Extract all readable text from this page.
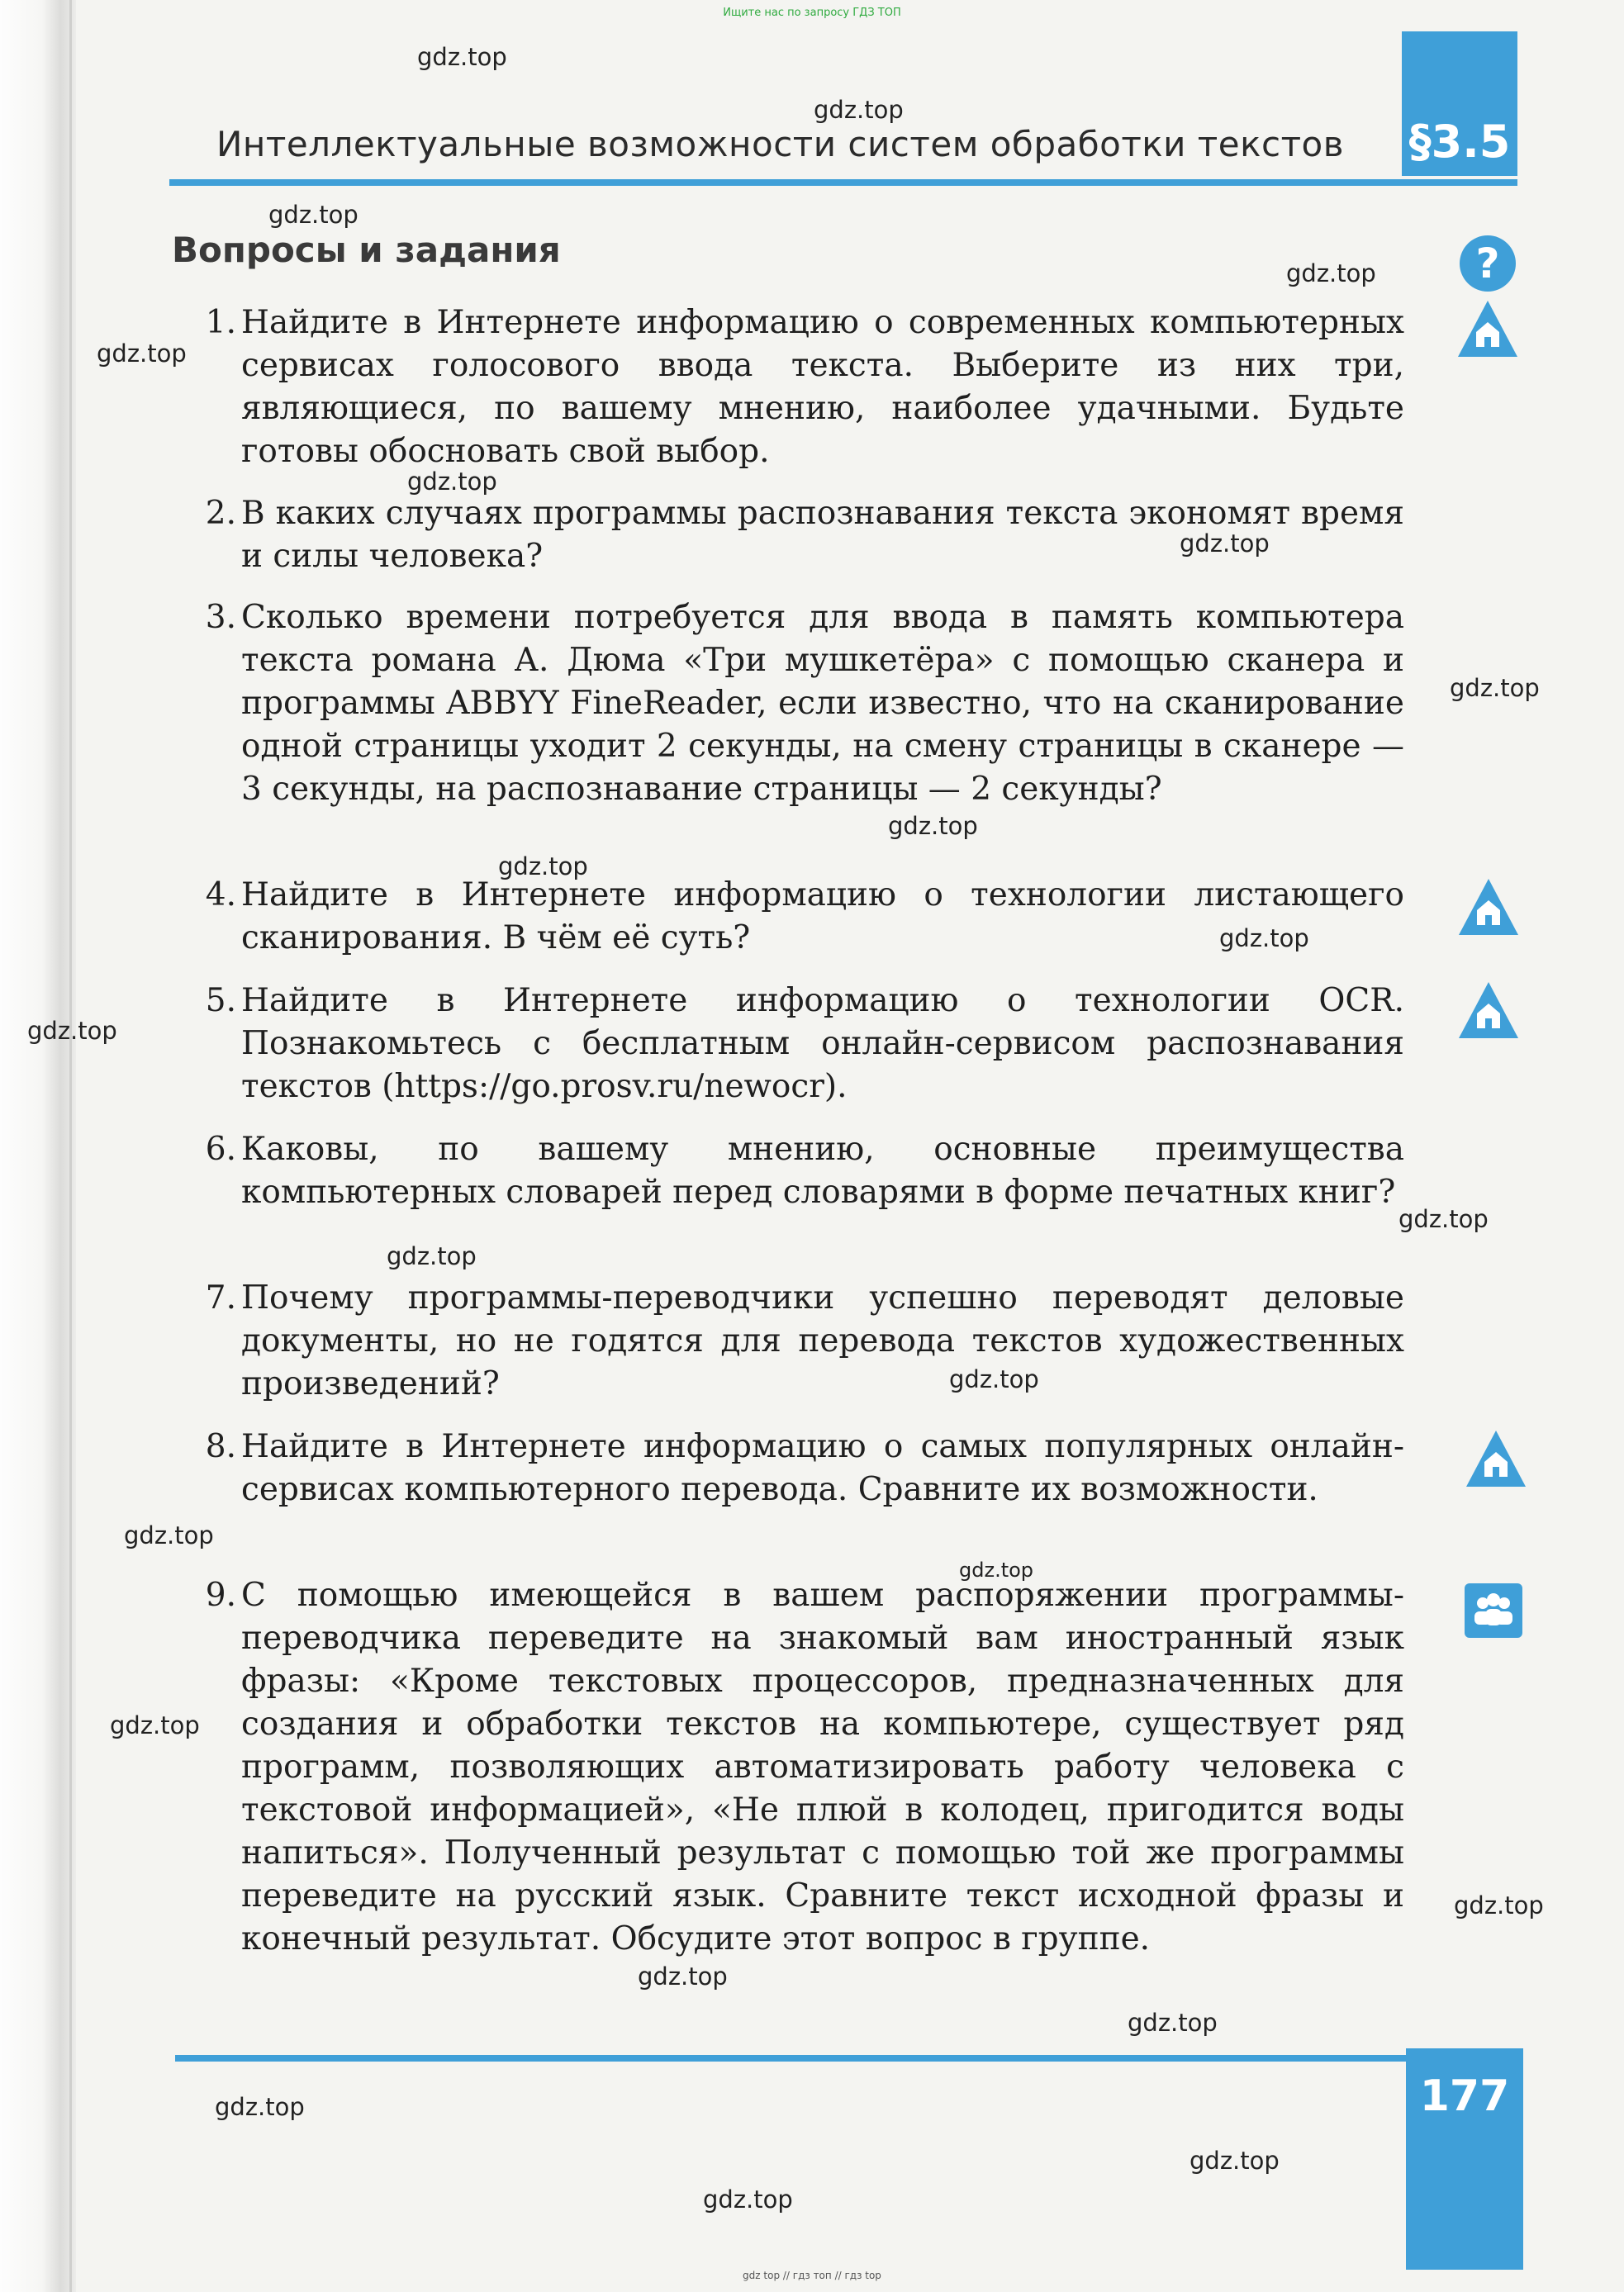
Ищите нас по запросу ГДЗ ТОП
§3.5
Интеллектуальные возможности систем обработки текстов
Вопросы и задания
1. Найдите в Интернете информацию о современных компьютерных сервисах голосового ввода текста. Выберите из них три, являющиеся, по вашему мнению, наиболее удачными. Будьте готовы обосновать свой выбор.
2. В каких случаях программы распознавания текста экономят время и силы человека?
3. Сколько времени потребуется для ввода в память компьютера текста романа А. Дюма «Три мушкетёра» с помощью сканера и программы ABBYY FineReader, если известно, что на сканирование одной страницы уходит 2 секунды, на смену страницы в сканере — 3 секунды, на распознавание страницы — 2 секунды?
4. Найдите в Интернете информацию о технологии листающего сканирования. В чём её суть?
5. Найдите в Интернете информацию о технологии OCR. Познакомьтесь с бесплатным онлайн-сервисом распознавания текстов (https://go.prosv.ru/newocr).
6. Каковы, по вашему мнению, основные преимущества компьютерных словарей перед словарями в форме печатных книг?
7. Почему программы-переводчики успешно переводят деловые документы, но не годятся для перевода текстов художественных произведений?
8. Найдите в Интернете информацию о самых популярных онлайн-сервисах компьютерного перевода. Сравните их возможности.
9. С помощью имеющейся в вашем распоряжении программы-переводчика переведите на знакомый вам иностранный язык фразы: «Кроме текстовых процессоров, предназначенных для создания и обработки текстов на компьютере, существует ряд программ, позволяющих автоматизировать работу человека с текстовой информацией», «Не плюй в колодец, пригодится воды напиться». Полученный результат с помощью той же программы переведите на русский язык. Сравните текст исходной фразы и конечный результат. Обсудите этот вопрос в группе.
?
177
gdz.top
gdz.top
gdz.top
gdz.top
gdz.top
gdz.top
gdz.top
gdz.top
gdz.top
gdz.top
gdz.top
gdz.top
gdz.top
gdz.top
gdz.top
gdz.top
gdz.top
gdz.top
gdz.top
gdz.top
gdz.top
gdz.top
gdz.top
gdz.top
gdz top // гдз топ // гдз top
